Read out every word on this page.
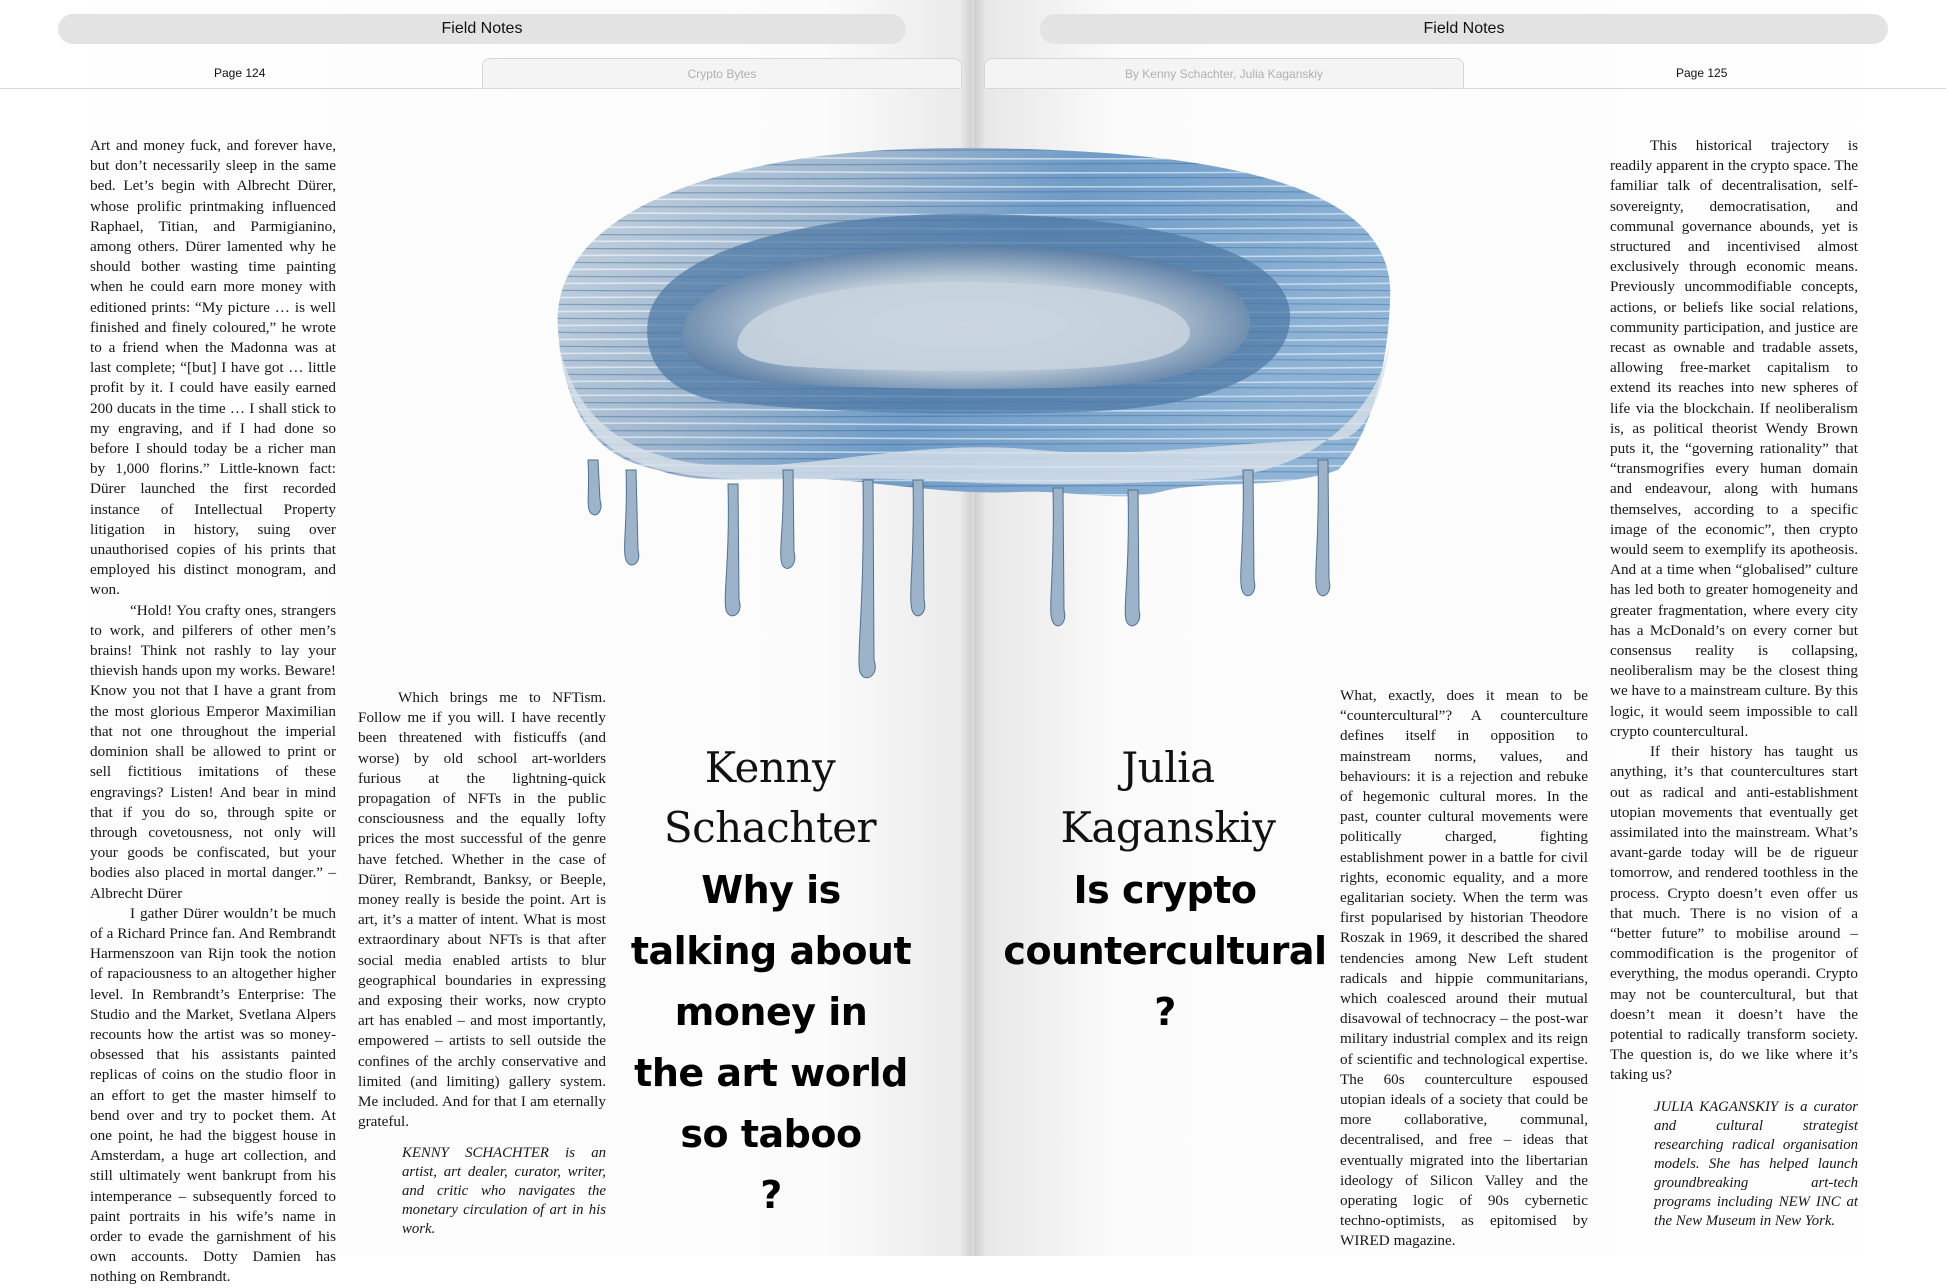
Field Notes	Field Notes
Page 124	Page 125
Crypto Bytes	By Kenny Schachter, Julia Kaganskiy

Art and money fuck, and forever have, but don’t necessarily sleep in the same bed. Let’s begin with Albrecht Dürer, whose prolific printmaking influenced Raphael, Titian, and Parmigianino, among others. Dürer lamented why he should bother wasting time painting when he could earn more money with editioned prints: “My picture … is well finished and finely coloured,” he wrote to a friend when the Madonna was at last complete; “[but] I have got … little profit by it. I could have easily earned 200 ducats in the time … I shall stick to my engraving, and if I had done so before I should today be a richer man by 1,000 florins.” Little-known fact: Dürer launched the first recorded instance of Intellectual Property litigation in history, suing over unauthorised copies of his prints that employed his distinct monogram, and won.

“Hold! You crafty ones, strangers to work, and pilferers of other men’s brains! Think not rashly to lay your thievish hands upon my works. Beware! Know you not that I have a grant from the most glorious Emperor Maximilian that not one throughout the imperial dominion shall be allowed to print or sell fictitious imitations of these engravings? Listen! And bear in mind that if you do so, through spite or through covetousness, not only will your goods be confiscated, but your bodies also placed in mortal danger.” – Albrecht Dürer

I gather Dürer wouldn’t be much of a Richard Prince fan. And Rembrandt Harmenszoon van Rijn took the notion of rapaciousness to an altogether higher level. In Rembrandt’s Enterprise: The Studio and the Market, Svetlana Alpers recounts how the artist was so money-obsessed that his assistants painted replicas of coins on the studio floor in an effort to get the master himself to bend over and try to pocket them. At one point, he had the biggest house in Amsterdam, a huge art collection, and still ultimately went bankrupt from his intemperance – subsequently forced to paint portraits in his wife’s name in order to evade the garnishment of his own accounts. Dotty Damien has nothing on Rembrandt.

Which brings me to NFTism. Follow me if you will. I have recently been threatened with fisticuffs (and worse) by old school art-worlders furious at the lightning-quick propagation of NFTs in the public consciousness and the equally lofty prices the most successful of the genre have fetched. Whether in the case of Dürer, Rembrandt, Banksy, or Beeple, money really is beside the point. Art is art, it’s a matter of intent. What is most extraordinary about NFTs is that after social media enabled artists to blur geographical boundaries in expressing and exposing their works, now crypto art has enabled – and most importantly, empowered – artists to sell outside the confines of the archly conservative and limited (and limiting) gallery system. Me included. And for that I am eternally grateful.

KENNY SCHACHTER is an artist, art dealer, curator, writer, and critic who navigates the monetary circulation of art in his work.

Kenny Schachter
Why is
talking about
money in
the art world
so taboo
?
Julia Kaganskiy
Is crypto
countercultural
?

What, exactly, does it mean to be “countercultural”? A counterculture defines itself in opposition to mainstream norms, values, and behaviours: it is a rejection and rebuke of hegemonic cultural mores. In the past, counter cultural movements were politically charged, fighting establishment power in a battle for civil rights, economic equality, and a more egalitarian society. When the term was first popularised by historian Theodore Roszak in 1969, it described the shared tendencies among New Left student radicals and hippie communitarians, which coalesced around their mutual disavowal of technocracy – the post-war military industrial complex and its reign of scientific and technological expertise. The 60s counterculture espoused utopian ideals of a society that could be more collaborative, communal, decentralised, and free – ideas that eventually migrated into the libertarian ideology of Silicon Valley and the operating logic of 90s cybernetic techno-optimists, as epitomised by WIRED magazine.

This historical trajectory is readily apparent in the crypto space. The familiar talk of decentralisation, self- sovereignty, democratisation, and communal governance abounds, yet is structured and incentivised almost exclusively through economic means. Previously uncommodifiable concepts, actions, or beliefs like social relations, community participation, and justice are recast as ownable and tradable assets, allowing free-market capitalism to extend its reaches into new spheres of life via the blockchain. If neoliberalism is, as political theorist Wendy Brown puts it, the “governing rationality” that “transmogrifies every human domain and endeavour, along with humans themselves, according to a specific image of the economic”, then crypto would seem to exemplify its apotheosis. And at a time when “globalised” culture has led both to greater homogeneity and greater fragmentation, where every city has a McDonald’s on every corner but consensus reality is collapsing, neoliberalism may be the closest thing we have to a mainstream culture. By this logic, it would seem impossible to call crypto countercultural.

If their history has taught us anything, it’s that countercultures start out as radical and anti-establishment utopian movements that eventually get assimilated into the mainstream. What’s avant-garde today will be de rigueur tomorrow, and rendered toothless in the process. Crypto doesn’t even offer us that much. There is no vision of a “better future” to mobilise around – commodification is the progenitor of everything, the modus operandi. Crypto may not be countercultural, but that doesn’t mean it doesn’t have the potential to radically transform society. The question is, do we like where it’s taking us?

JULIA KAGANSKIY is a curator and cultural strategist researching radical organisation models. She has helped launch groundbreaking art-tech programs including NEW INC at the New Museum in New York.
